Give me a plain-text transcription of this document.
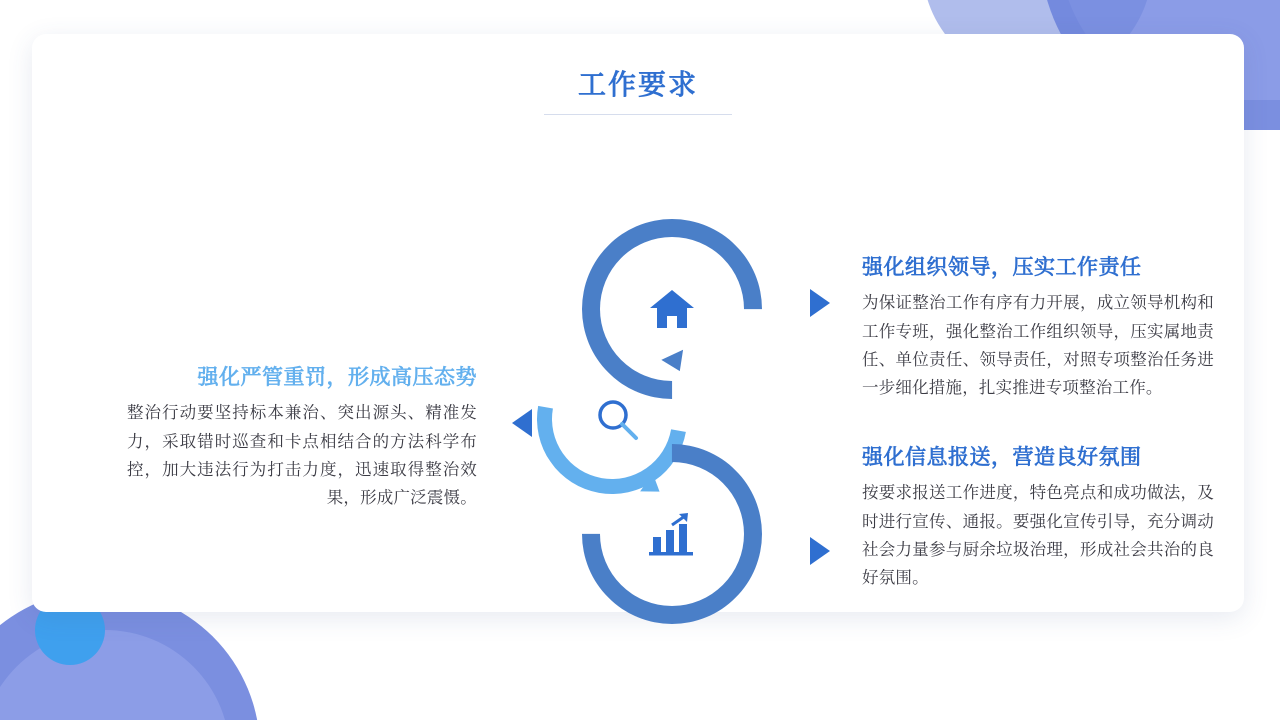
工作要求
强化组织领导，压实工作责任

为保证整治工作有序有力开展，成立领导机构和工作专班，强化整治工作组织领导，压实属地责任、单位责任、领导责任，对照专项整治任务进一步细化措施，扎实推进专项整治工作。

强化信息报送，营造良好氛围

按要求报送工作进度，特色亮点和成功做法，及时进行宣传、通报。要强化宣传引导，充分调动社会力量参与厨余垃圾治理，形成社会共治的良好氛围。

强化严管重罚，形成高压态势

整治行动要坚持标本兼治、突出源头、精准发力，采取错时巡查和卡点相结合的方法科学布控，加大违法行为打击力度，迅速取得整治效果，形成广泛震慑。
